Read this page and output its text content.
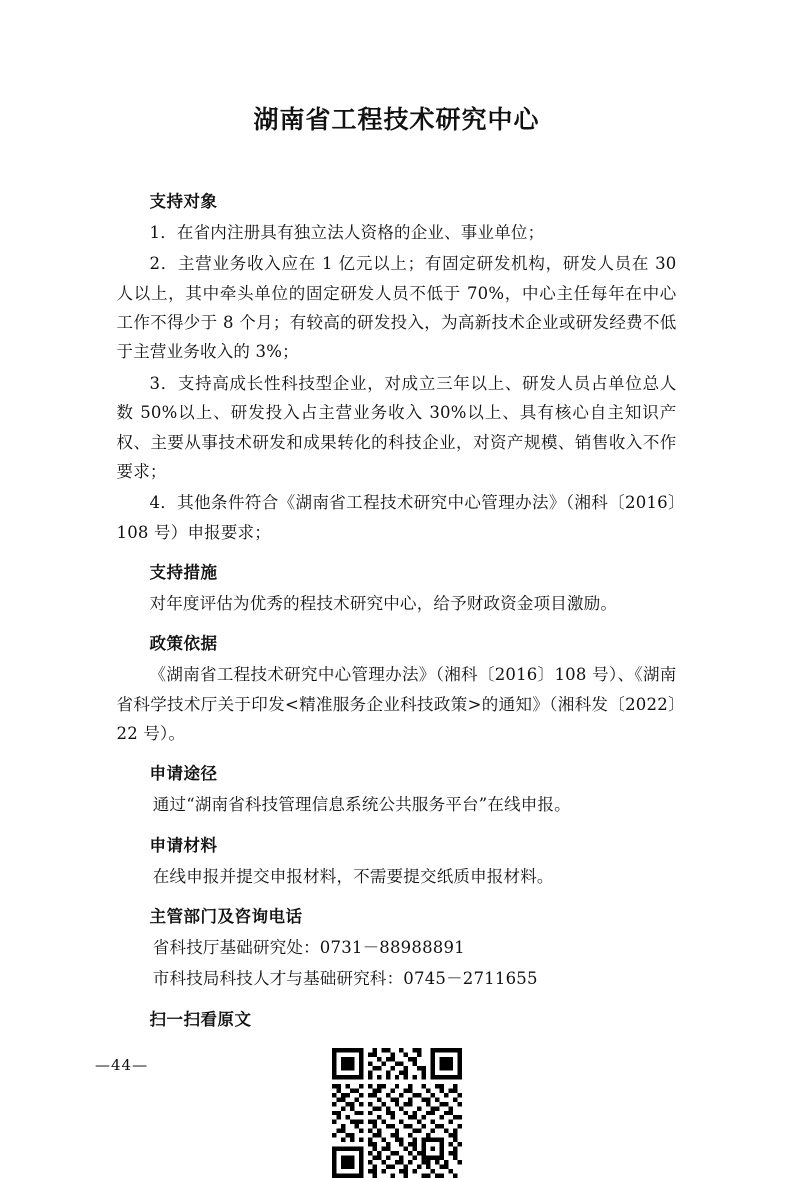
湖南省工程技术研究中心
支持对象

1．在省内注册具有独立法人资格的企业、事业单位；

2．主营业务收入应在 1 亿元以上；有固定研发机构，研发人员在 30 人以上，其中牵头单位的固定研发人员不低于 70%，中心主任每年在中心工作不得少于 8 个月；有较高的研发投入，为高新技术企业或研发经费不低于主营业务收入的 3%；

3．支持高成长性科技型企业，对成立三年以上、研发人员占单位总人数 50%以上、研发投入占主营业务收入 30%以上、具有核心自主知识产权、主要从事技术研发和成果转化的科技企业，对资产规模、销售收入不作要求；

4．其他条件符合《湖南省工程技术研究中心管理办法》（湘科〔2016〕108 号）申报要求；

支持措施

对年度评估为优秀的程技术研究中心，给予财政资金项目激励。

政策依据

《湖南省工程技术研究中心管理办法》（湘科〔2016〕108 号）、《湖南省科学技术厅关于印发<精准服务企业科技政策>的通知》（湘科发〔2022〕22 号）。

申请途径

通过“湖南省科技管理信息系统公共服务平台”在线申报。

申请材料

在线申报并提交申报材料，不需要提交纸质申报材料。

主管部门及咨询电话

省科技厅基础研究处：0731－88988891

市科技局科技人才与基础研究科：0745－2711655

扫一扫看原文
—44—
